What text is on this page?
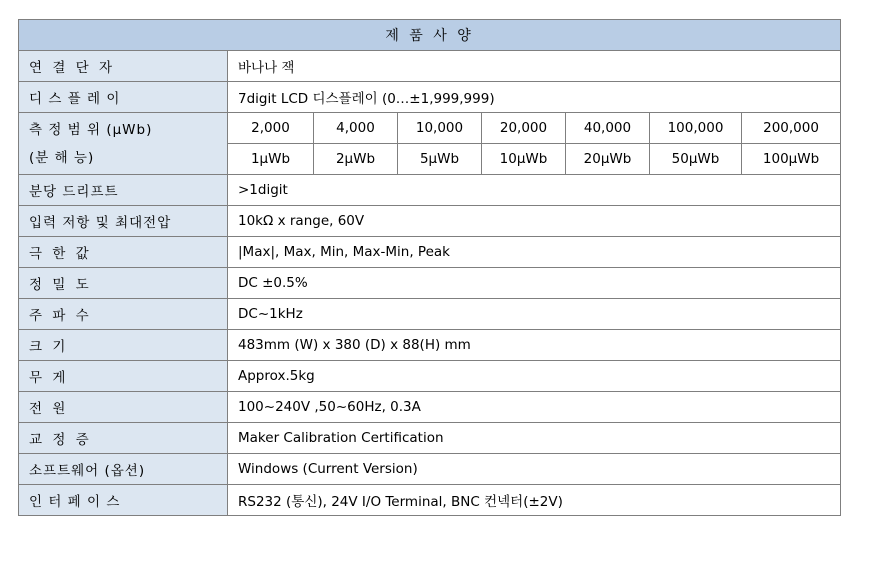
제 품 사 양							
연 결 단 자	바나나 잭						
디 스 플 레 이	7digit LCD 디스플레이 (0…±1,999,999)						

측 정 범 위 (μWb)
(분 해 능)	2,000	4,000	10,000	20,000	40,000	100,000	200,000
	1μWb	2μWb	5μWb	10μWb	20μWb	50μWb	100μWb
분당 드리프트	>1digit						
입력 저항 및 최대전압	10kΩ x range, 60V						
극 한 값	|Max|, Max, Min, Max-Min, Peak						
정 밀 도	DC ±0.5%						
주 파 수	DC~1kHz						
크 기	483mm (W) x 380 (D) x 88(H) mm						
무 게	Approx.5kg						
전 원	100~240V ,50~60Hz, 0.3A						
교 정 증	Maker Calibration Certification						
소프트웨어 (옵션)	Windows (Current Version)						
인 터 페 이 스	RS232 (통신), 24V I/O Terminal, BNC 컨넥터(±2V)						
